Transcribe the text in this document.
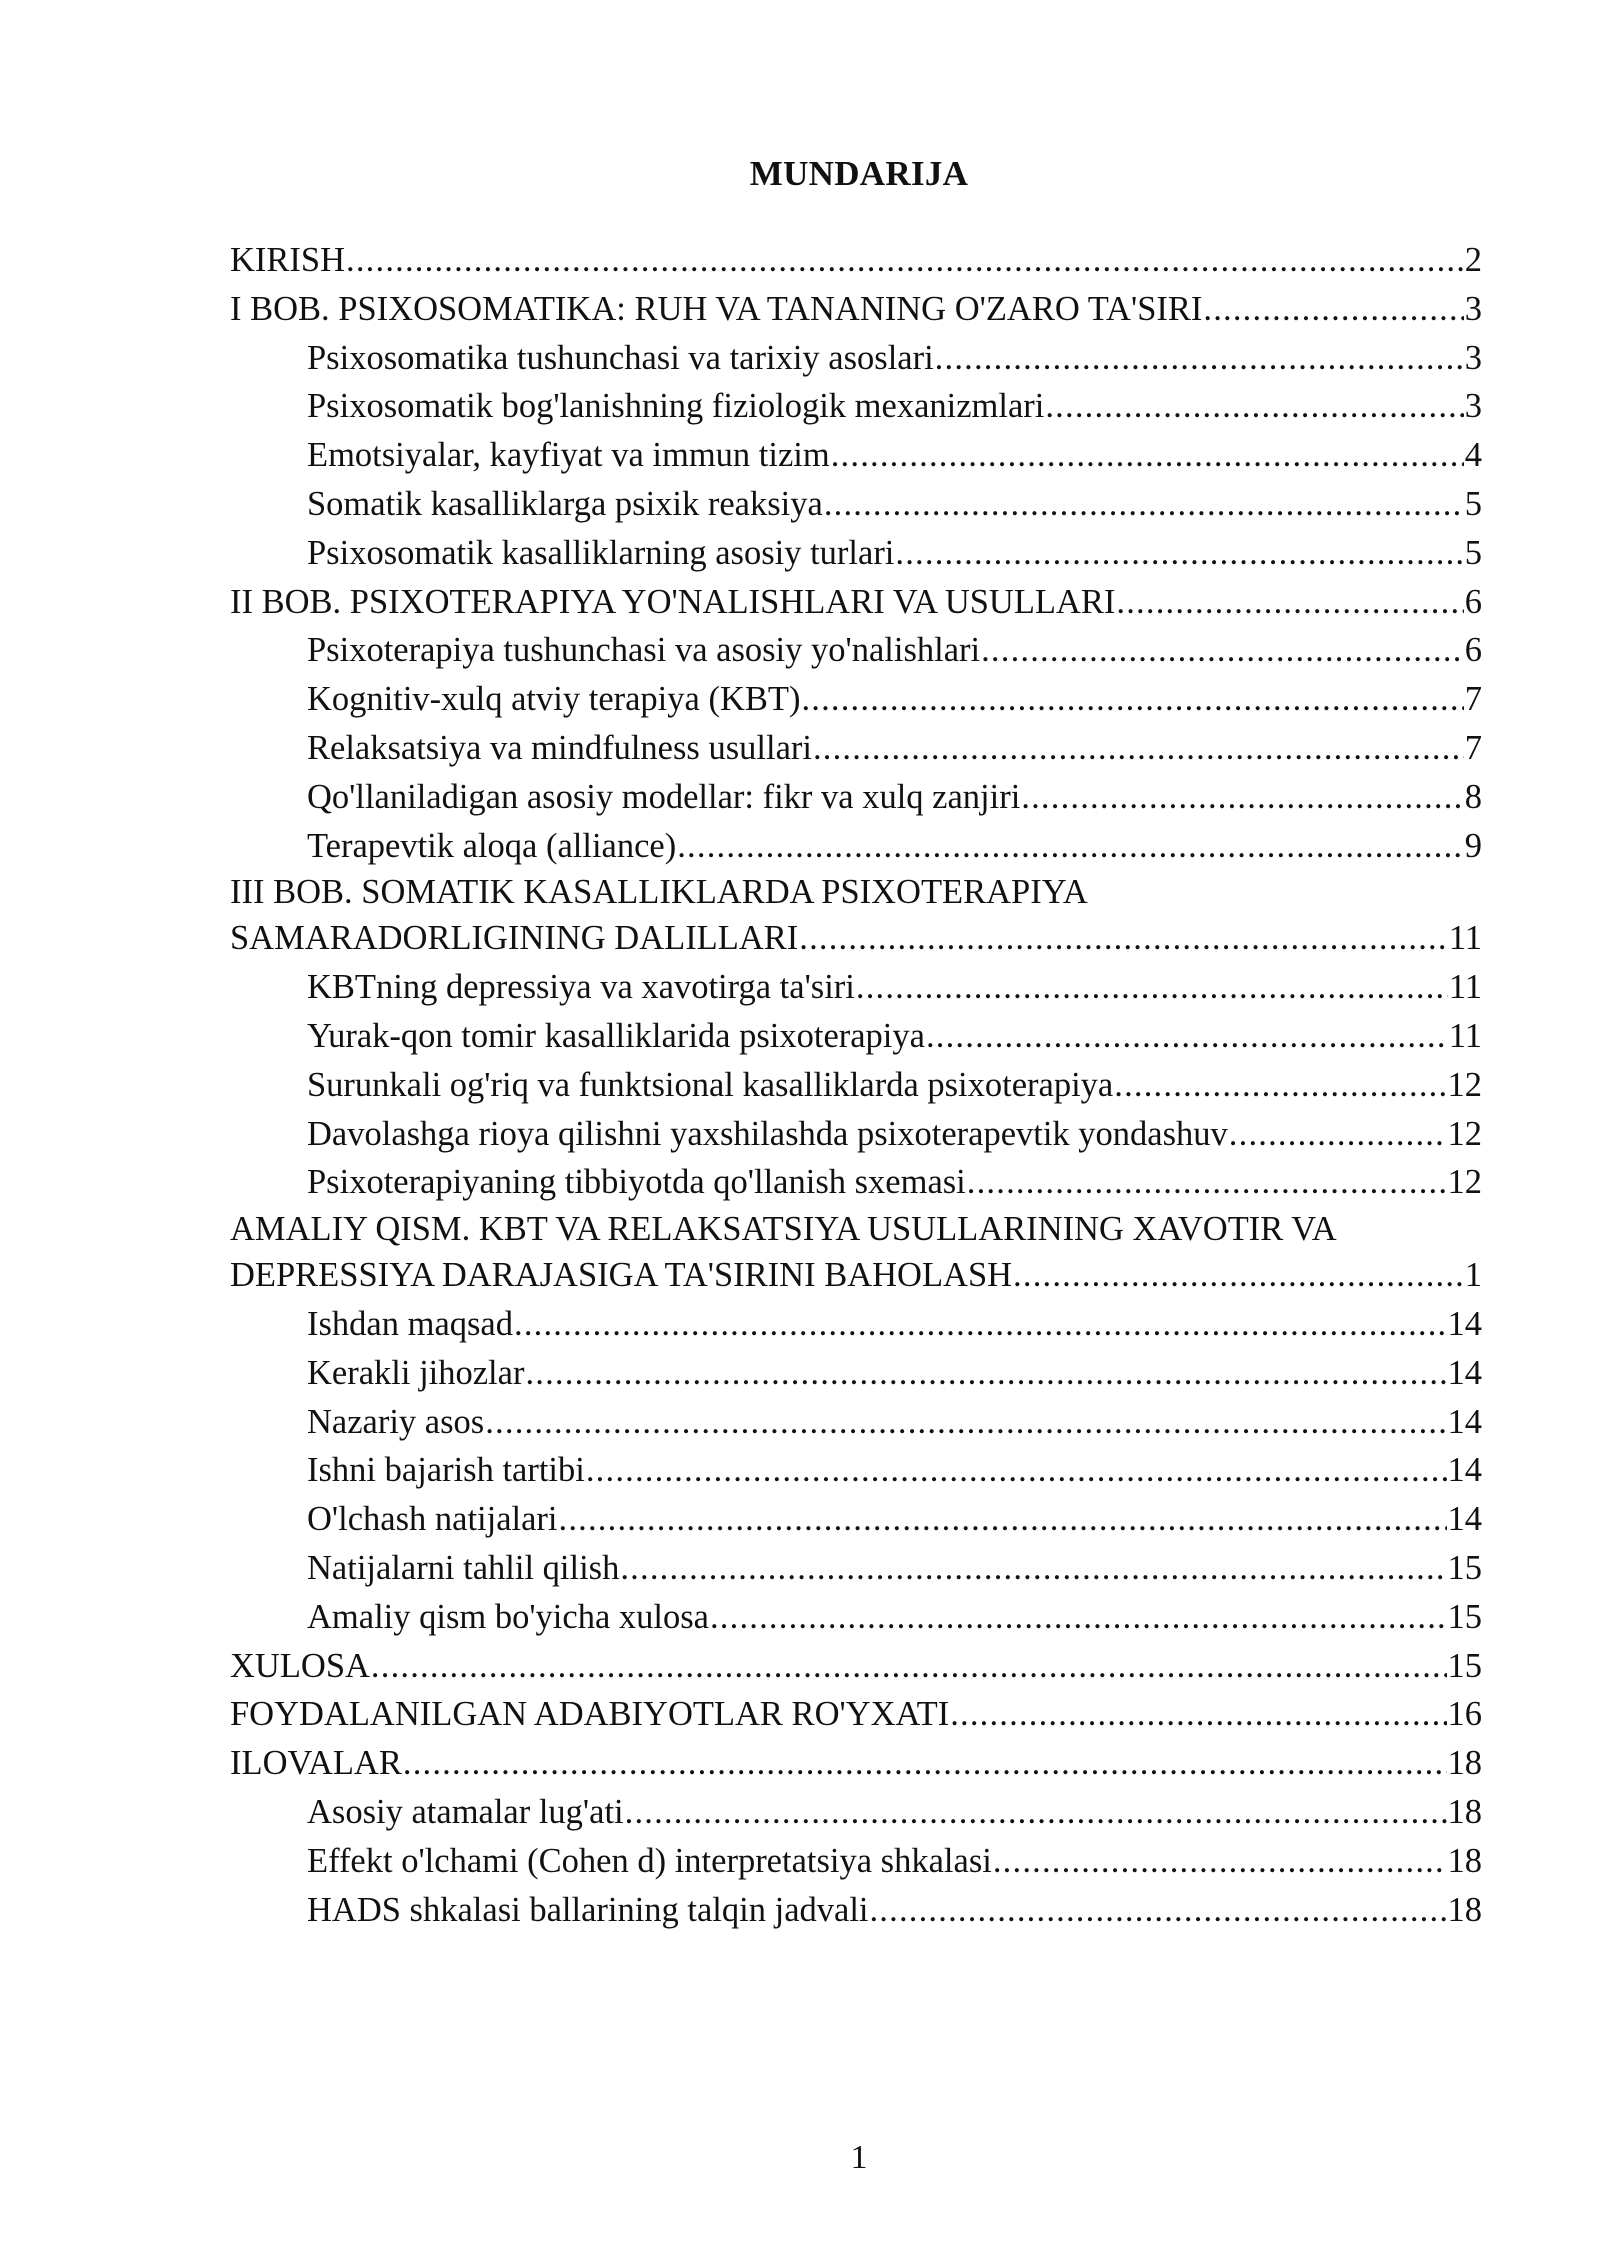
MUNDARIJA
KIRISH .....	2
I BOB. PSIXOSOMATIKA: RUH VA TANANING O'ZARO TA'SIRI .....	3
Psixosomatika tushunchasi va tarixiy asoslari .....	3
Psixosomatik bog'lanishning fiziologik mexanizmlari .....	3
Emotsiyalar, kayfiyat va immun tizim .....	4
Somatik kasalliklarga psixik reaksiya .....	5
Psixosomatik kasalliklarning asosiy turlari .....	5
II BOB. PSIXOTERAPIYA YO'NALISHLARI VA USULLARI .....	6
Psixoterapiya tushunchasi va asosiy yo'nalishlari .....	6
Kognitiv-xulq atviy terapiya (KBT) .....	7
Relaksatsiya va mindfulness usullari .....	7
Qo'llaniladigan asosiy modellar: fikr va xulq zanjiri .....	8
Terapevtik aloqa (alliance) .....	9
III BOB. SOMATIK KASALLIKLARDA PSIXOTERAPIYA
SAMARADORLIGINING DALILLARI .....	11
KBTning depressiya va xavotirga ta'siri .....	11
Yurak-qon tomir kasalliklarida psixoterapiya .....	11
Surunkali og'riq va funktsional kasalliklarda psixoterapiya .....	12
Davolashga rioya qilishni yaxshilashda psixoterapevtik yondashuv .....	12
Psixoterapiyaning tibbiyotda qo'llanish sxemasi .....	12
AMALIY QISM. KBT VA RELAKSATSIYA USULLARINING XAVOTIR VA
DEPRESSIYA DARAJASIGA TA'SIRINI BAHOLASH .....	1
Ishdan maqsad .....	14
Kerakli jihozlar .....	14
Nazariy asos .....	14
Ishni bajarish tartibi .....	14
O'lchash natijalari .....	14
Natijalarni tahlil qilish .....	15
Amaliy qism bo'yicha xulosa .....	15
XULOSA .....	15
FOYDALANILGAN ADABIYOTLAR RO'YXATI .....	16
ILOVALAR .....	18
Asosiy atamalar lug'ati .....	18
Effekt o'lchami (Cohen d) interpretatsiya shkalasi .....	18
HADS shkalasi ballarining talqin jadvali .....	18
1
